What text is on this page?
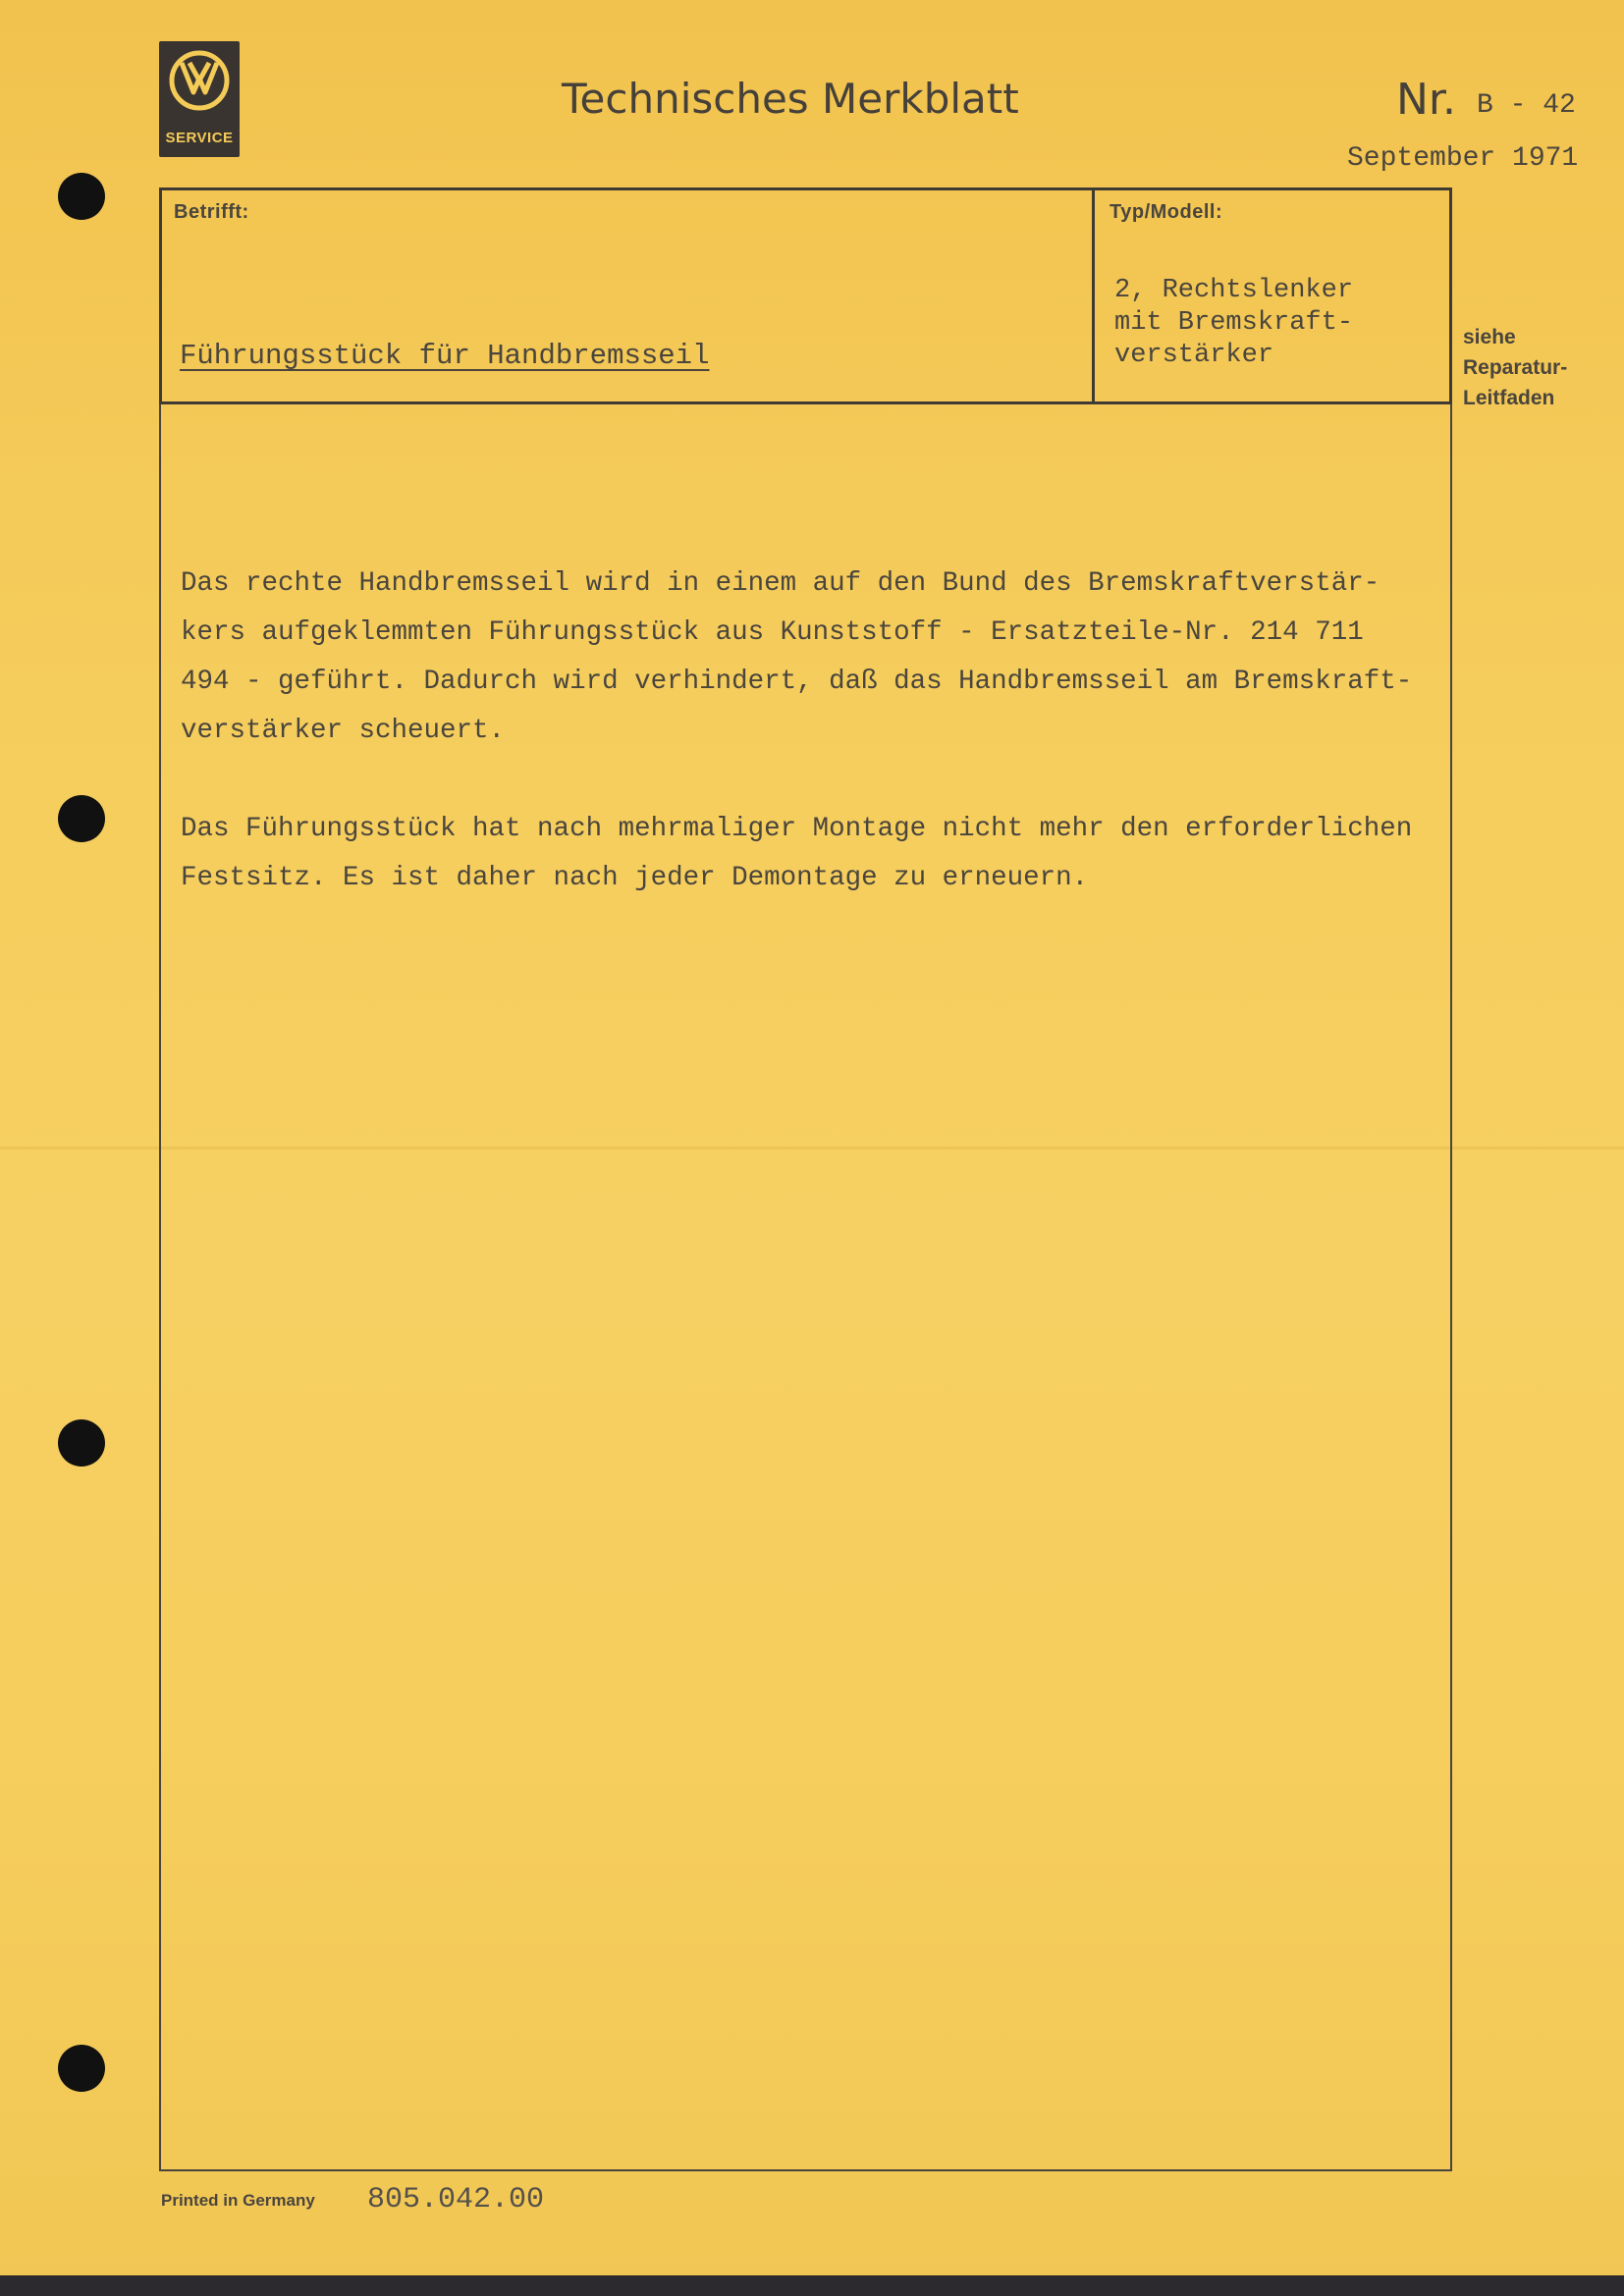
SERVICE
Technisches Merkblatt	Nr. B - 42
September 1971
Betrifft:
Führungsstück für Handbremsseil
Typ/Modell:
2, Rechtslenker
mit Bremskraft-
verstärker
siehe
Reparatur-
Leitfaden
Das rechte Handbremsseil wird in einem auf den Bund des Bremskraftverstär-
kers aufgeklemmten Führungsstück aus Kunststoff - Ersatzteile-Nr. 214 711
494 - geführt. Dadurch wird verhindert, daß das Handbremsseil am Bremskraft-
verstärker scheuert.
Das Führungsstück hat nach mehrmaliger Montage nicht mehr den erforderlichen
Festsitz. Es ist daher nach jeder Demontage zu erneuern.
Printed in Germany 805.042.00
